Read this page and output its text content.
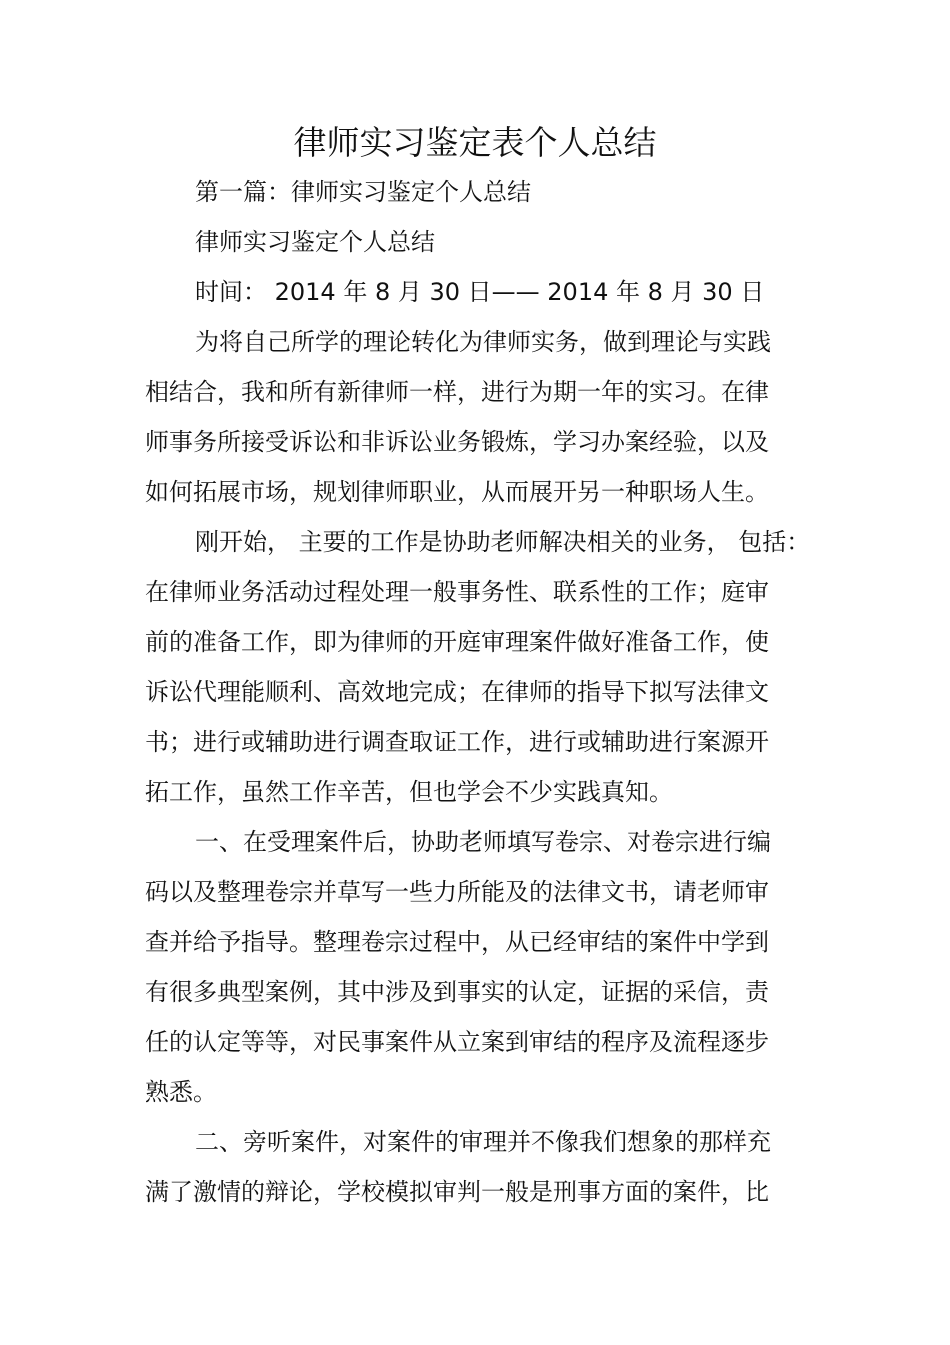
律师实习鉴定表个人总结
第一篇：律师实习鉴定个人总结
律师实习鉴定个人总结
时间： 2014 年 8 月 30 日—— 2014 年 8 月 30 日
为将自己所学的理论转化为律师实务，做到理论与实践
相结合，我和所有新律师一样，进行为期一年的实习。在律
师事务所接受诉讼和非诉讼业务锻炼，学习办案经验，以及
如何拓展市场，规划律师职业，从而展开另一种职场人生。
刚开始， 主要的工作是协助老师解决相关的业务， 包括：
在律师业务活动过程处理一般事务性、联系性的工作；庭审
前的准备工作，即为律师的开庭审理案件做好准备工作，使
诉讼代理能顺利、高效地完成；在律师的指导下拟写法律文
书；进行或辅助进行调查取证工作，进行或辅助进行案源开
拓工作，虽然工作辛苦，但也学会不少实践真知。
一、在受理案件后，协助老师填写卷宗、对卷宗进行编
码以及整理卷宗并草写一些力所能及的法律文书，请老师审
查并给予指导。整理卷宗过程中，从已经审结的案件中学到
有很多典型案例，其中涉及到事实的认定，证据的采信，责
任的认定等等，对民事案件从立案到审结的程序及流程逐步
熟悉。
二、旁听案件，对案件的审理并不像我们想象的那样充
满了激情的辩论，学校模拟审判一般是刑事方面的案件，比
